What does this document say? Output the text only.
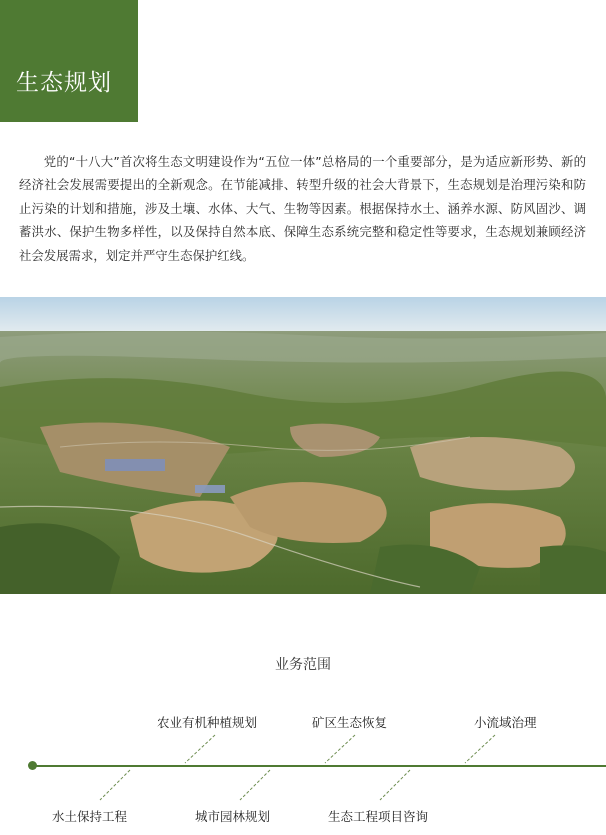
生态规划

党的“十八大”首次将生态文明建设作为“五位一体”总格局的一个重要部分，是为适应新形势、新的经济社会发展需要提出的全新观念。在节能减排、转型升级的社会大背景下，生态规划是治理污染和防止污染的计划和措施，涉及土壤、水体、大气、生物等因素。根据保持水土、涵养水源、防风固沙、调蓄洪水、保护生物多样性，以及保持自然本底、保障生态系统完整和稳定性等要求，生态规划兼顾经济社会发展需求，划定并严守生态保护红线。

业务范围
农业有机种植规划	矿区生态恢复	小流域治理
水土保持工程	城市园林规划	生态工程项目咨询
